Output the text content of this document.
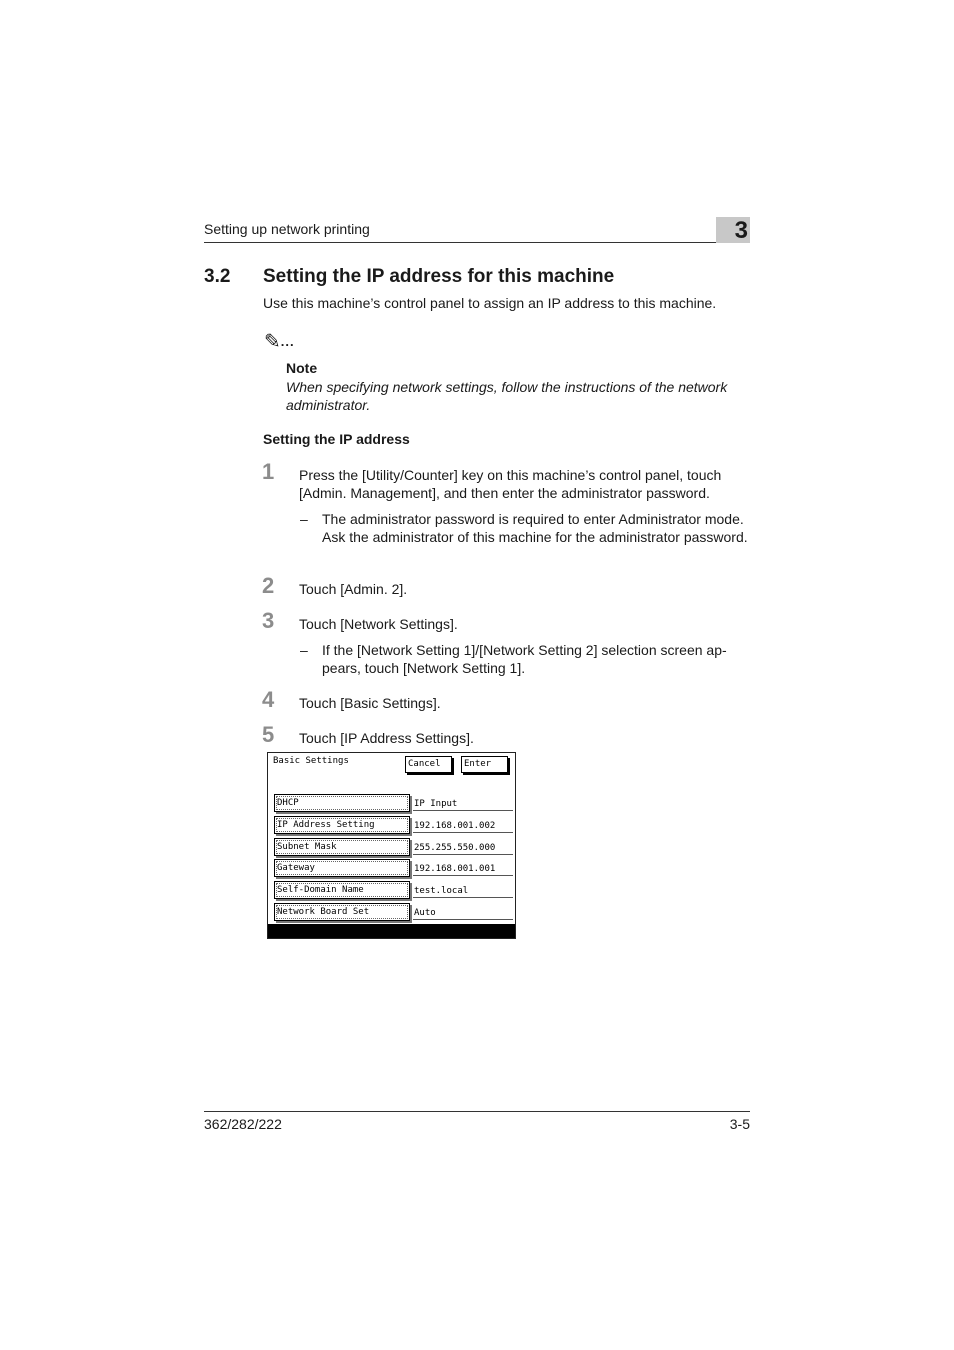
Setting up network printing	3
3.2 Setting the IP address for this machine
Use this machine’s control panel to assign an IP address to this machine.
✎...
Note
When specifying network settings, follow the instructions of the network administrator.
Setting the IP address
1 Press the [Utility/Counter] key on this machine’s control panel, touch [Admin. Management], and then enter the administrator password.
– The administrator password is required to enter Administrator mode. Ask the administrator of this machine for the administrator password.
2 Touch [Admin. 2].
3 Touch [Network Settings].
– If the [Network Setting 1]/[Network Setting 2] selection screen ap-pears, touch [Network Setting 1].
4 Touch [Basic Settings].
5 Touch [IP Address Settings].
Basic Settings	Cancel	Enter
DHCP	IP Input
IP Address Setting	192.168.001.002
Subnet Mask	255.255.550.000
Gateway	192.168.001.001
Self-Domain Name	test.local
Network Board Set	Auto
362/282/222	3-5
